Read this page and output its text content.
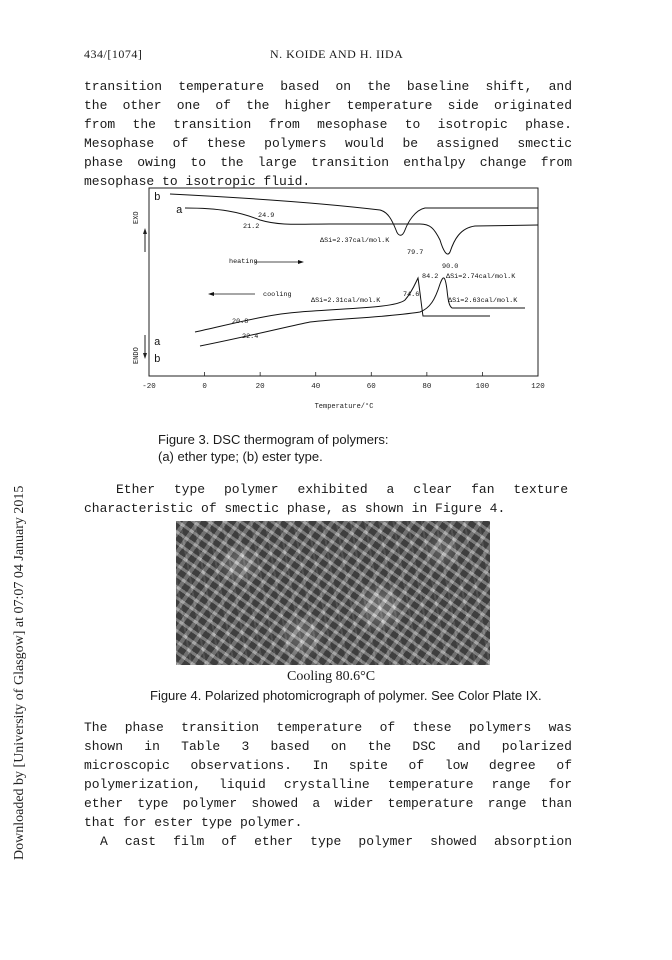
434/[1074]	N. KOIDE AND H. IIDA
Downloaded by [University of Glasgow] at 07:07 04 January 2015
transition temperature based on the baseline shift, and
the other one of the higher temperature side originated
from the transition from mesophase to isotropic phase.
Mesophase of these polymers would be assigned smectic
phase owing to the large transition enthalpy change from
mesophase to isotropic fluid.
EXO
ENDO
-20	0	20	40	60	80	100	120
Temperature/°C
b
a
a
b
heating
cooling
24.9
21.2
ΔSi=2.37cal/mol.K
79.7
90.0
84.2 ΔSi=2.74cal/mol.K
74.6
ΔSi=2.31cal/mol.K	ΔSi=2.63cal/mol.K
20.8
22.4
Figure 3. DSC thermogram of polymers:
(a) ether type; (b) ester type.
Ether type polymer exhibited a clear fan texture
characteristic of smectic phase, as shown in Figure 4.
Cooling 80.6°C
Figure 4. Polarized photomicrograph of polymer. See Color Plate IX.
The phase transition temperature of these polymers was
shown in Table 3 based on the DSC and polarized
microscopic observations. In spite of low degree of
polymerization, liquid crystalline temperature range for
ether type polymer showed a wider temperature range than
that for ester type polymer.
A cast film of ether type polymer showed absorption
